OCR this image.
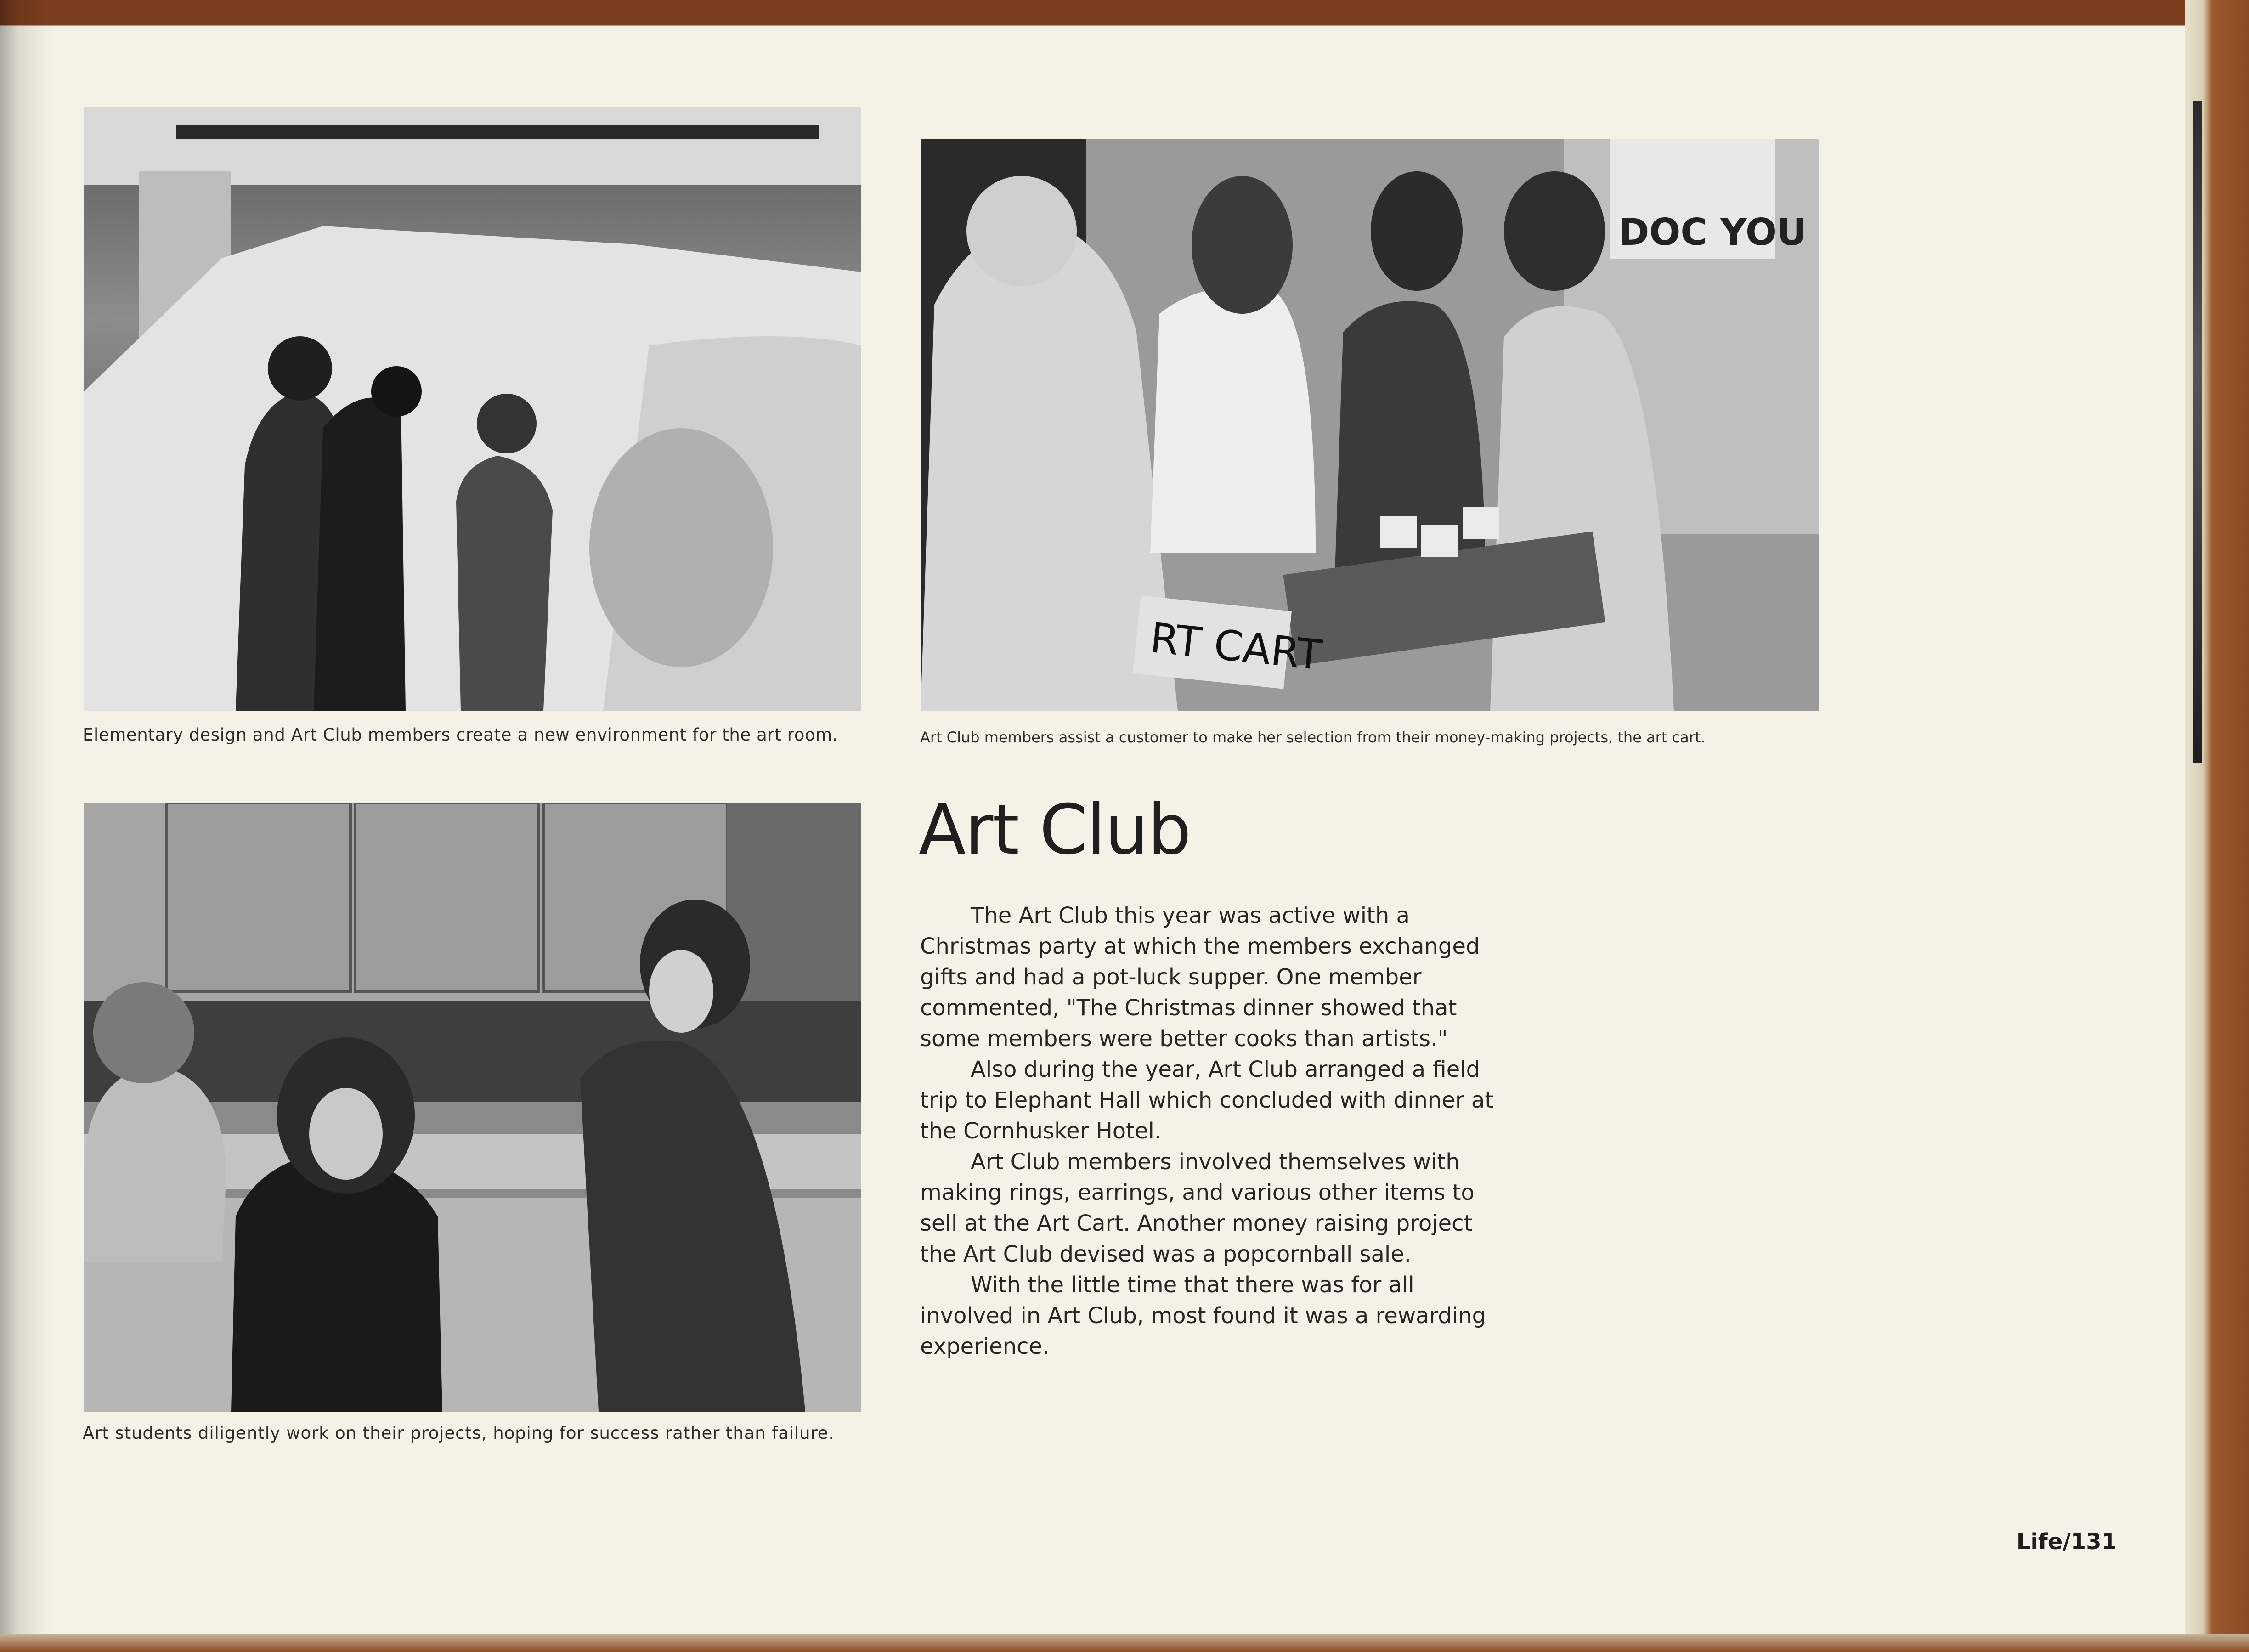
Elementary design and Art Club members create a new environment for the art room.
DOC YOU
RT CART
Art Club members assist a customer to make her selection from their money-making projects, the art cart.
Art students diligently work on their projects, hoping for success rather than failure.
Art Club

The Art Club this year was active with a Christmas party at which the members exchanged gifts and had a pot-luck supper. One member commented, "The Christmas dinner showed that some members were better cooks than artists."

Also during the year, Art Club arranged a field trip to Elephant Hall which concluded with dinner at the Cornhusker Hotel.

Art Club members involved themselves with making rings, earrings, and various other items to sell at the Art Cart. Another money raising project the Art Club devised was a popcornball sale.

With the little time that there was for all involved in Art Club, most found it was a rewarding experience.

Life/131
